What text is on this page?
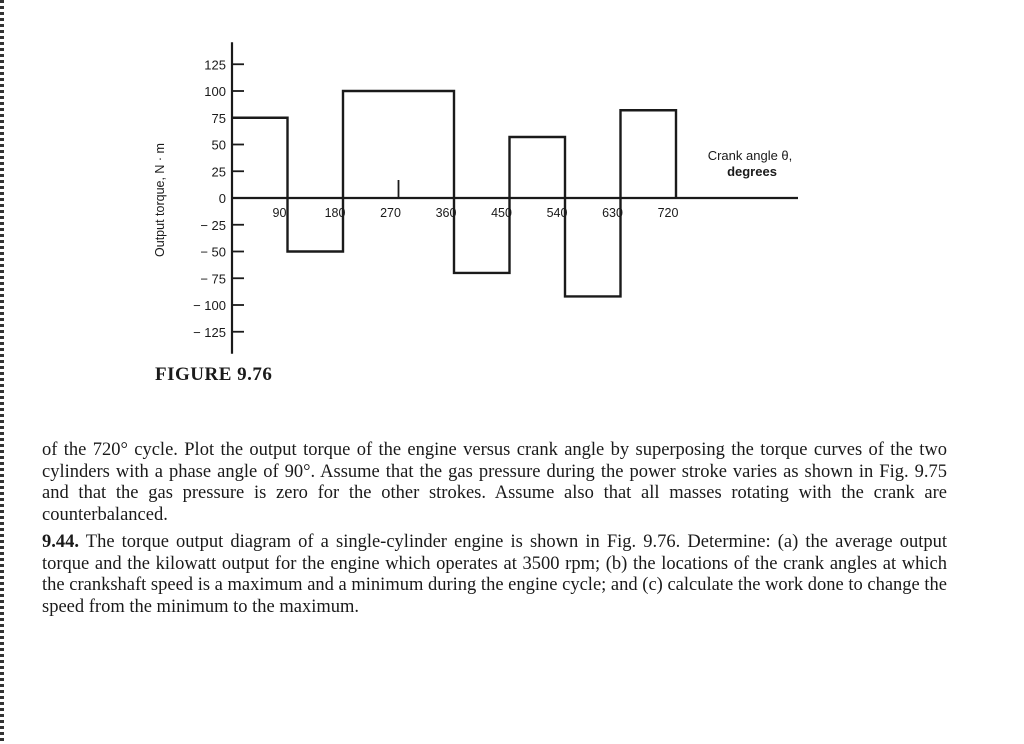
125
100
75
50
25
0
− 25
− 50
− 75
− 100
− 125
90	180	270	360	450	540	630	720
Output torque, N · m	Crank angle θ,
degrees
FIGURE 9.76

of the 720° cycle. Plot the output torque of the engine versus crank angle by superposing the torque curves of the two cylinders with a phase angle of 90°. Assume that the gas pressure during the power stroke varies as shown in Fig. 9.75 and that the gas pressure is zero for the other strokes. Assume also that all masses rotating with the crank are counterbalanced.

9.44. The torque output diagram of a single-cylinder engine is shown in Fig. 9.76. Determine: (a) the average output torque and the kilowatt output for the engine which operates at 3500 rpm; (b) the locations of the crank angles at which the crankshaft speed is a maximum and a minimum during the engine cycle; and (c) calculate the work done to change the speed from the minimum to the maximum.
